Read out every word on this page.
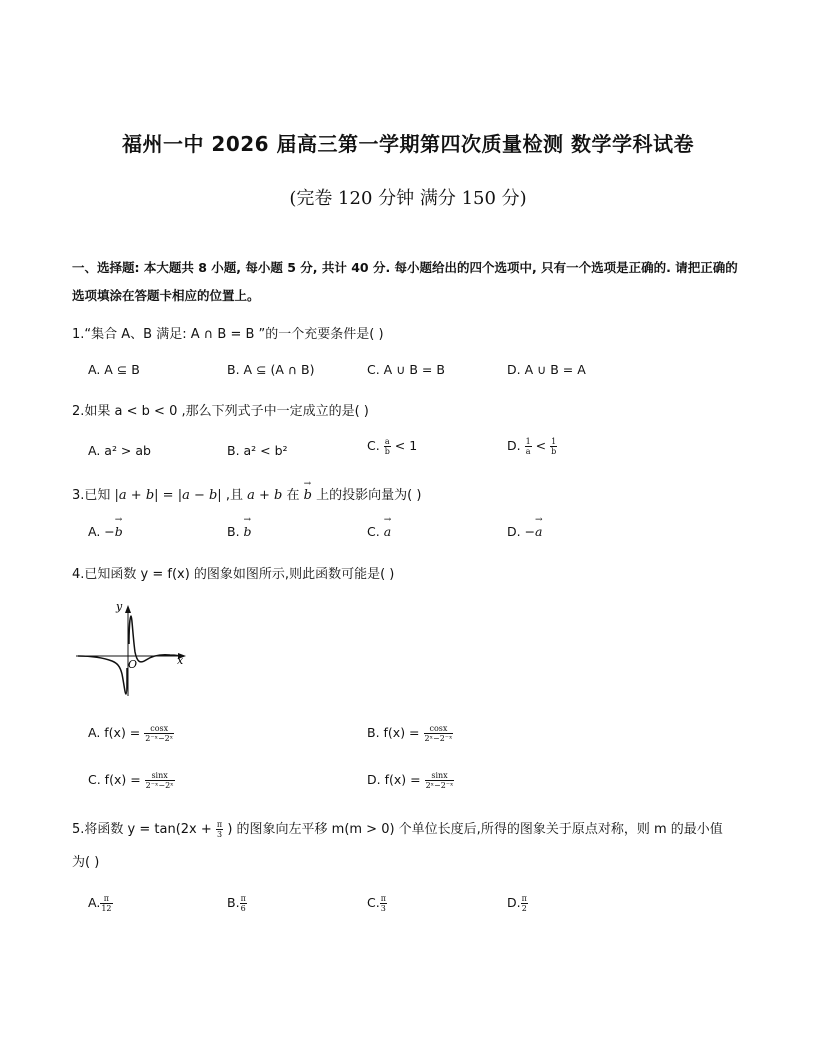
福州一中 2026 届高三第一学期第四次质量检测 数学学科试卷
(完卷 120 分钟 满分 150 分)
一、选择题: 本大题共 8 小题, 每小题 5 分, 共计 40 分. 每小题给出的四个选项中, 只有一个选项是正确的. 请把正确的选项填涂在答题卡相应的位置上。
1.“集合 A、B 满足: A ∩ B = B ”的一个充要条件是( )
A. A ⊆ B	B. A ⊆ (A ∩ B)	C. A ∪ B = B	D. A ∪ B = A
2.如果 a < b < 0 ,那么下列式子中一定成立的是( )
A. a² > ab	B. a² < b²	C. $\frac{a}{b} < 1$	D. $\frac{1}{a} < \frac{1}{b}$
3.已知 |a + b| = |a − b| ,且 a + b 在 → b 上的投影向量为( )
A. −→ b	B. → b	C. → a	D. −→ a
4.已知函数 y = f(x) 的图象如图所示,则此函数可能是( )
y
x
O
A. $f(x) = \frac{\cos x}{\text{2⁻ˣ−2ˣ}}$	B. $f(x) = \frac{\cos x}{\text{2ˣ−2⁻ˣ}}$
C. $f(x) = \frac{\sin x}{\text{2⁻ˣ−2ˣ}}$	D. $f(x) = \frac{\sin x}{\text{2ˣ−2⁻ˣ}}$
5.将函数 $y = \tan(2x + \frac{\pi}{3}$ ) 的图象向左平移 m(m > 0) 个单位长度后,所得的图象关于原点对称，则 m 的最小值
为( )
A. $\frac{\pi}{12}$	B. $\frac{\pi}{6}$	C. $\frac{\pi}{3}$	D. $\frac{\pi}{2}$
